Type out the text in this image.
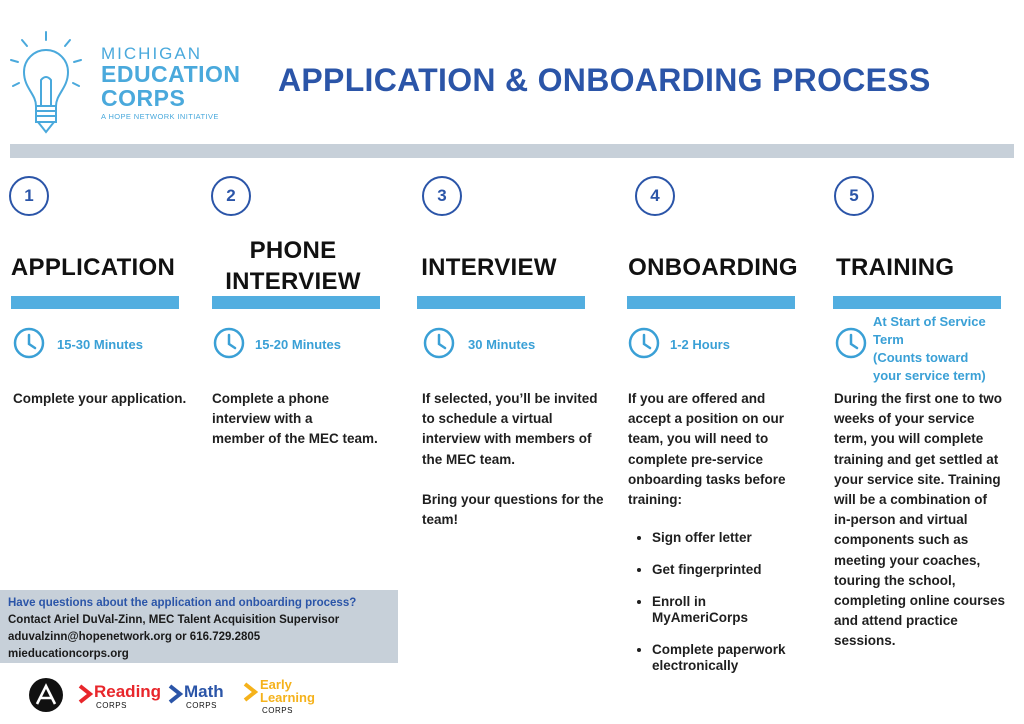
MICHIGAN
EDUCATION
CORPS
A HOPE NETWORK INITIATIVE
APPLICATION & ONBOARDING PROCESS
1
APPLICATION
15-30 Minutes
Complete your application.
2
PHONE
INTERVIEW
15-20 Minutes
Complete a phone
interview with a
member of the MEC team.
3
INTERVIEW
30 Minutes
If selected, you’ll be invited
to schedule a virtual
interview with members of
the MEC team.
Bring your questions for the
team!
4
ONBOARDING
1-2 Hours
If you are offered and
accept a position on our
team, you will need to
complete pre-service
onboarding tasks before
training:
• Sign offer letter
• Get fingerprinted
• Enroll in
MyAmeriCorps
• Complete paperwork
electronically
5
TRAINING
At Start of Service
Term
(Counts toward
your service term)
During the first one to two
weeks of your service
term, you will complete
training and get settled at
your service site. Training
will be a combination of
in-person and virtual
components such as
meeting your coaches,
touring the school,
completing online courses
and attend practice
sessions.
Have questions about the application and onboarding process?
Contact Ariel DuVal-Zinn, MEC Talent Acquisition Supervisor
aduvalzinn@hopenetwork.org or 616.729.2805
mieducationcorps.org
Reading
CORPS
Math
CORPS
Early
Learning
CORPS
